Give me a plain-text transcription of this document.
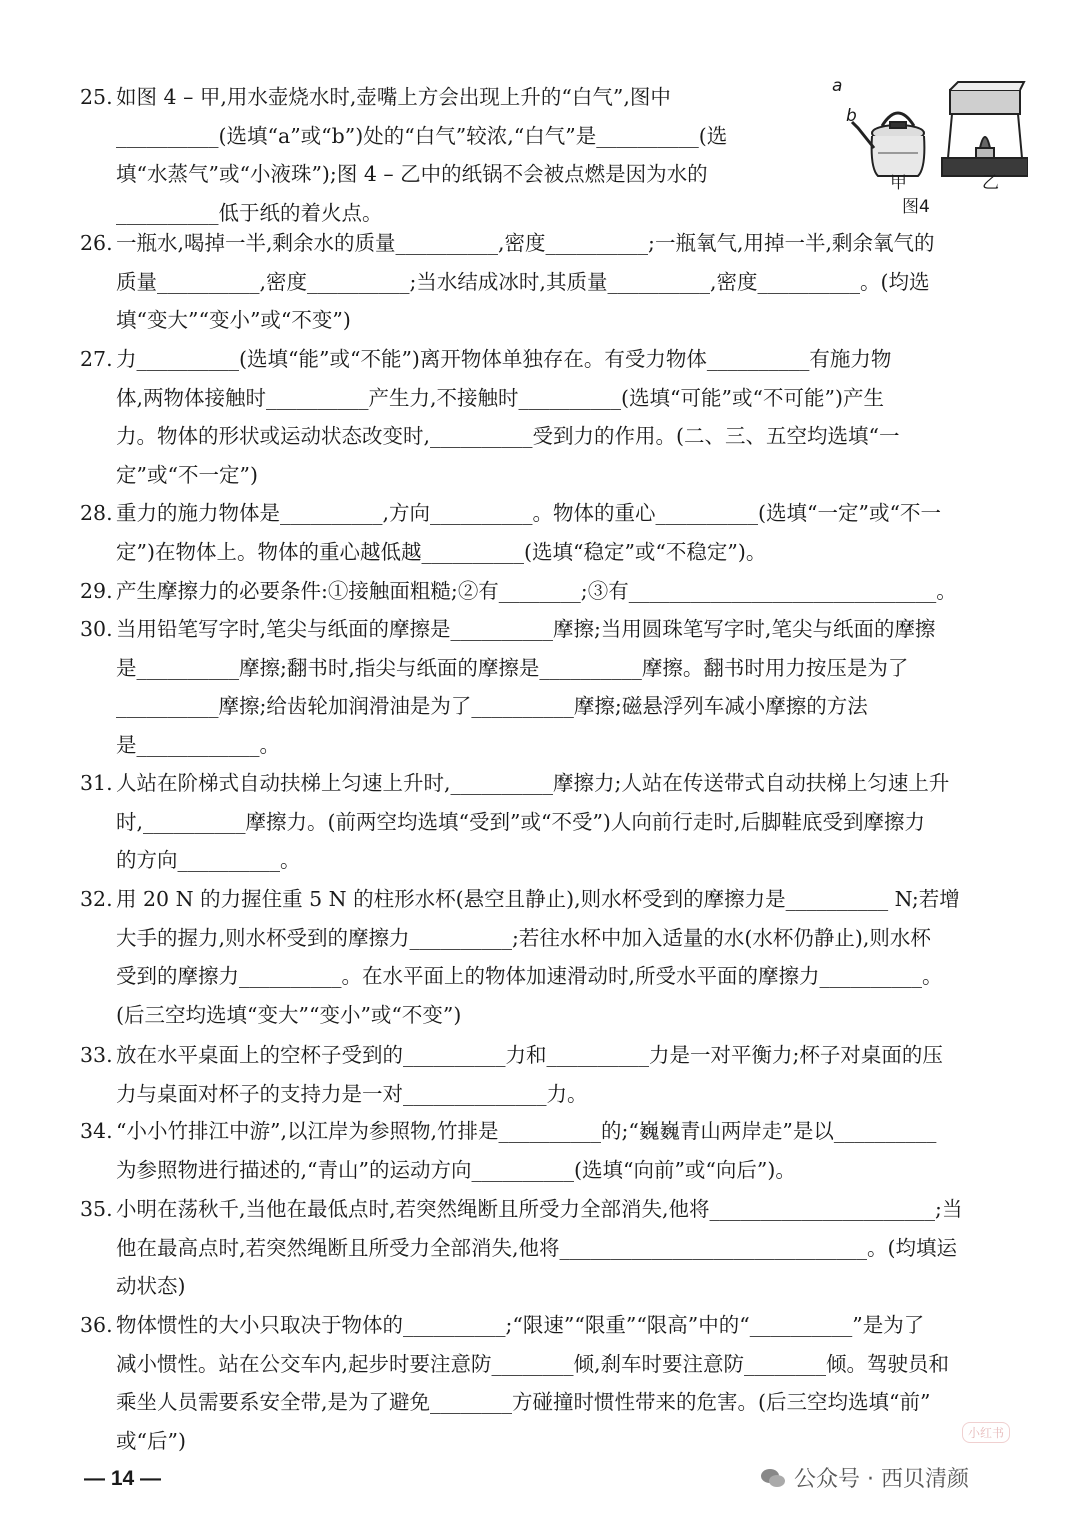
25. 如图 4 – 甲,用水壶烧水时,壶嘴上方会出现上升的“白气”,图中
__________(选填“a”或“b”)处的“白气”较浓,“白气”是__________(选
填“水蒸气”或“小液珠”);图 4 – 乙中的纸锅不会被点燃是因为水的
__________低于纸的着火点。
26. 一瓶水,喝掉一半,剩余水的质量__________,密度__________;一瓶氧气,用掉一半,剩余氧气的
质量__________,密度__________;当水结成冰时,其质量__________,密度__________。(均选
填“变大”“变小”或“不变”)
27. 力__________(选填“能”或“不能”)离开物体单独存在。有受力物体__________有施力物
体,两物体接触时__________产生力,不接触时__________(选填“可能”或“不可能”)产生
力。物体的形状或运动状态改变时,__________受到力的作用。(二、三、五空均选填“一
定”或“不一定”)
28. 重力的施力物体是__________,方向__________。物体的重心__________(选填“一定”或“不一
定”)在物体上。物体的重心越低越__________(选填“稳定”或“不稳定”)。
29. 产生摩擦力的必要条件:①接触面粗糙;②有________;③有______________________________。
30. 当用铅笔写字时,笔尖与纸面的摩擦是__________摩擦;当用圆珠笔写字时,笔尖与纸面的摩擦
是__________摩擦;翻书时,指尖与纸面的摩擦是__________摩擦。翻书时用力按压是为了
__________摩擦;给齿轮加润滑油是为了__________摩擦;磁悬浮列车减小摩擦的方法
是____________。
31. 人站在阶梯式自动扶梯上匀速上升时,__________摩擦力;人站在传送带式自动扶梯上匀速上升
时,__________摩擦力。(前两空均选填“受到”或“不受”)人向前行走时,后脚鞋底受到摩擦力
的方向__________。
32. 用 20 N 的力握住重 5 N 的柱形水杯(悬空且静止),则水杯受到的摩擦力是__________ N;若增
大手的握力,则水杯受到的摩擦力__________;若往水杯中加入适量的水(水杯仍静止),则水杯
受到的摩擦力__________。在水平面上的物体加速滑动时,所受水平面的摩擦力__________。
(后三空均选填“变大”“变小”或“不变”)
33. 放在水平桌面上的空杯子受到的__________力和__________力是一对平衡力;杯子对桌面的压
力与桌面对杯子的支持力是一对______________力。
34. “小小竹排江中游”,以江岸为参照物,竹排是__________的;“巍巍青山两岸走”是以__________
为参照物进行描述的,“青山”的运动方向__________(选填“向前”或“向后”)。
35. 小明在荡秋千,当他在最低点时,若突然绳断且所受力全部消失,他将______________________;当
他在最高点时,若突然绳断且所受力全部消失,他将______________________________。(均填运
动状态)
36. 物体惯性的大小只取决于物体的__________;“限速”“限重”“限高”中的“__________”是为了
减小惯性。站在公交车内,起步时要注意防________倾,刹车时要注意防________倾。驾驶员和
乘坐人员需要系安全带,是为了避免________方碰撞时惯性带来的危害。(后三空均选填“前”
或“后”)
a
b
甲	乙
图4
— 14 —
小红书
公众号 · 西贝清颜
